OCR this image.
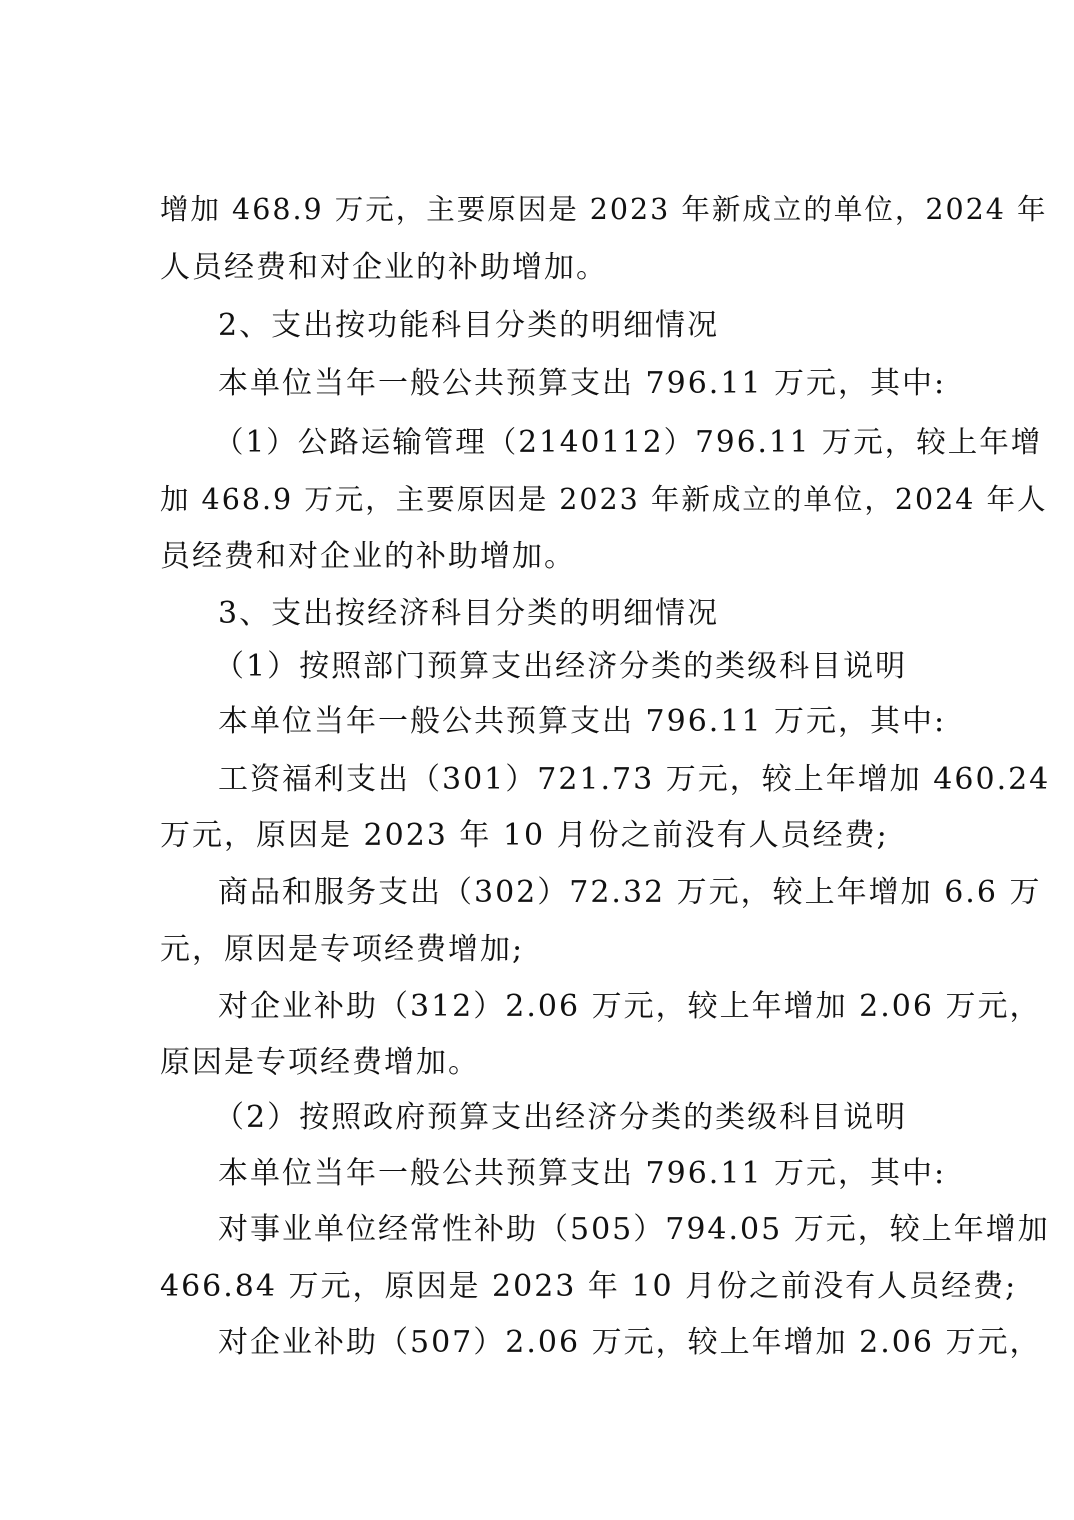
增加 468.9 万元，主要原因是 2023 年新成立的单位，2024 年
人员经费和对企业的补助增加。
2、支出按功能科目分类的明细情况
本单位当年一般公共预算支出 796.11 万元，其中:
（1）公路运输管理（2140112）796.11 万元，较上年增
加 468.9 万元，主要原因是 2023 年新成立的单位，2024 年人
员经费和对企业的补助增加。
3、支出按经济科目分类的明细情况
（1）按照部门预算支出经济分类的类级科目说明
本单位当年一般公共预算支出 796.11 万元，其中:
工资福利支出（301）721.73 万元，较上年增加 460.24
万元，原因是 2023 年 10 月份之前没有人员经费;
商品和服务支出（302）72.32 万元，较上年增加 6.6 万
元，原因是专项经费增加;
对企业补助（312）2.06 万元，较上年增加 2.06 万元，
原因是专项经费增加。
（2）按照政府预算支出经济分类的类级科目说明
本单位当年一般公共预算支出 796.11 万元，其中:
对事业单位经常性补助（505）794.05 万元，较上年增加
466.84 万元，原因是 2023 年 10 月份之前没有人员经费;
对企业补助（507）2.06 万元，较上年增加 2.06 万元，
